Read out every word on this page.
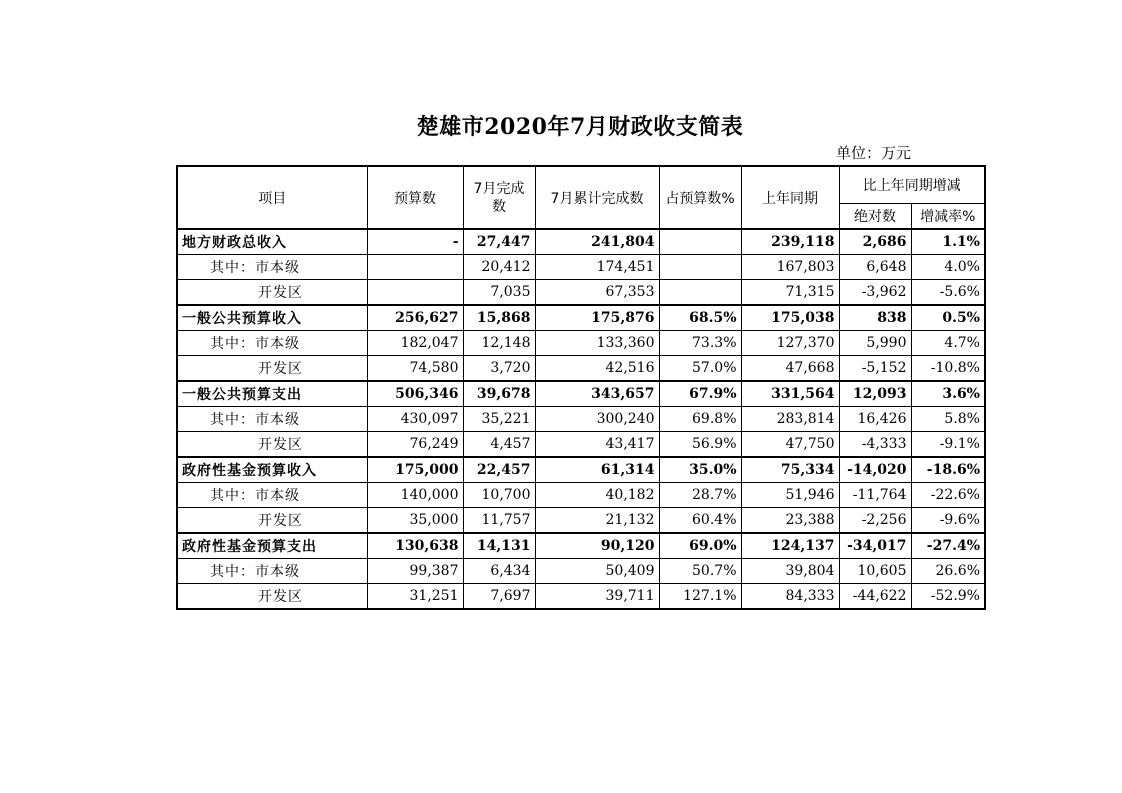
楚雄市2020年7月财政收支简表
单位：万元
项目	预算数	7月完成数	7月累计完成数	占预算数%	上年同期	比上年同期增减	
						绝对数	增减率%
地方财政总收入	-	27,447	241,804		239,118	2,686	1.1%
其中：市本级		20,412	174,451		167,803	6,648	4.0%
开发区		7,035	67,353		71,315	-3,962	-5.6%
一般公共预算收入	256,627	15,868	175,876	68.5%	175,038	838	0.5%
其中：市本级	182,047	12,148	133,360	73.3%	127,370	5,990	4.7%
开发区	74,580	3,720	42,516	57.0%	47,668	-5,152	-10.8%
一般公共预算支出	506,346	39,678	343,657	67.9%	331,564	12,093	3.6%
其中：市本级	430,097	35,221	300,240	69.8%	283,814	16,426	5.8%
开发区	76,249	4,457	43,417	56.9%	47,750	-4,333	-9.1%
政府性基金预算收入	175,000	22,457	61,314	35.0%	75,334	-14,020	-18.6%
其中：市本级	140,000	10,700	40,182	28.7%	51,946	-11,764	-22.6%
开发区	35,000	11,757	21,132	60.4%	23,388	-2,256	-9.6%
政府性基金预算支出	130,638	14,131	90,120	69.0%	124,137	-34,017	-27.4%
其中：市本级	99,387	6,434	50,409	50.7%	39,804	10,605	26.6%
开发区	31,251	7,697	39,711	127.1%	84,333	-44,622	-52.9%
